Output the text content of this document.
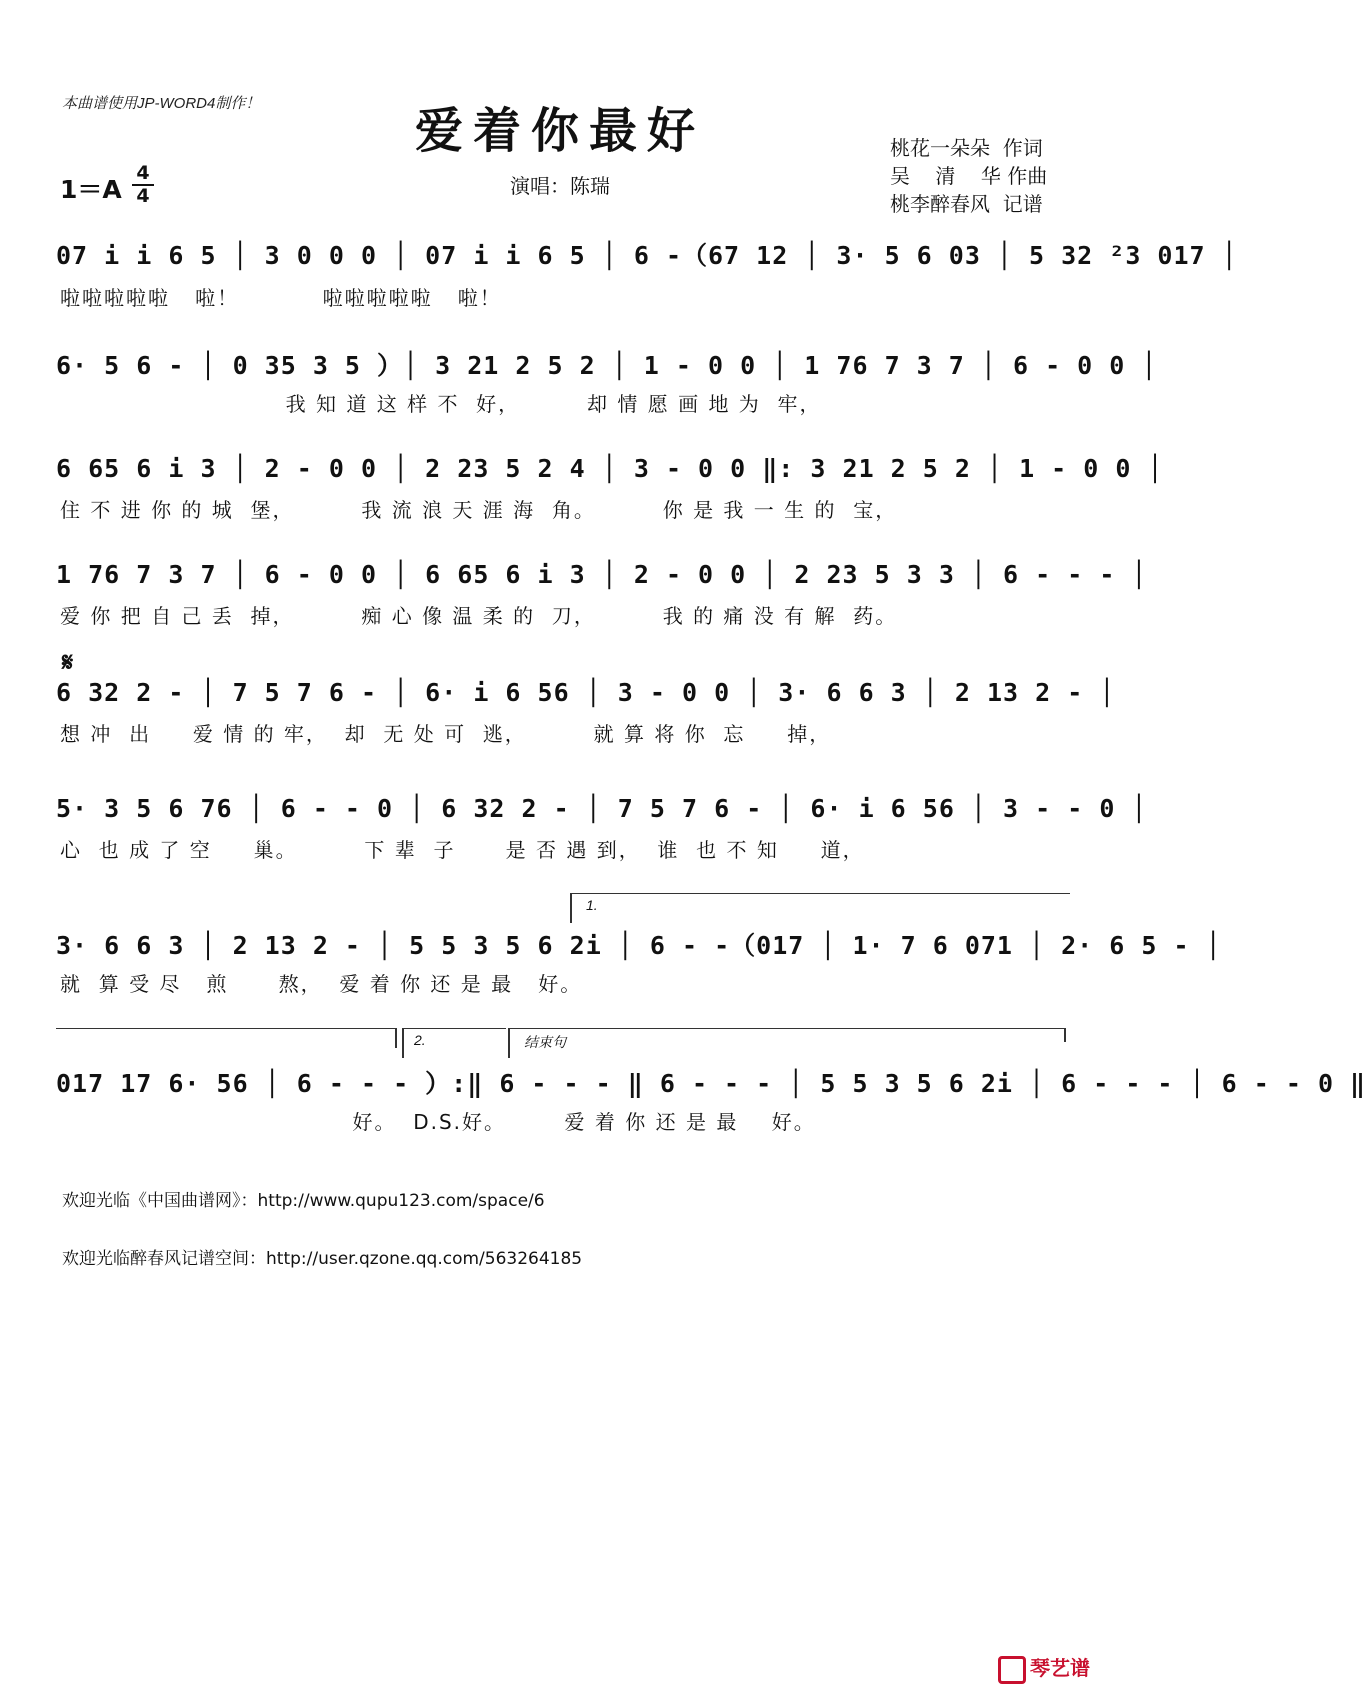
本曲谱使用JP-WORD4制作！	爱着你最好
1＝A
4
4	演唱：陈瑞
桃花一朵朵  作词
吴    清    华 作曲
桃李醉春风  记谱
07 i i 6 5 │ 3 0 0 0 │ 07 i i 6 5 │ 6 -（67 12 │ 3· 5 6 03 │ 5 32 ²3 017 │
啦啦啦啦啦   啦！          啦啦啦啦啦   啦！
6· 5 6 - │ 0 35 3 5 ）│ 3 21 2 5 2 │ 1 - 0 0 │ 1 76 7 3 7 │ 6 - 0 0 │
我 知 道 这 样 不  好，        却 情 愿 画 地 为  牢，
6 65 6 i 3 │ 2 - 0 0 │ 2 23 5 2 4 │ 3 - 0 0 ‖: 3 21 2 5 2 │ 1 - 0 0 │
住 不 进 你 的 城  堡，        我 流 浪 天 涯 海  角。        你 是 我 一 生 的  宝，
1 76 7 3 7 │ 6 - 0 0 │ 6 65 6 i 3 │ 2 - 0 0 │ 2 23 5 3 3 │ 6 - - - │
爱 你 把 自 己 丢  掉，        痴 心 像 温 柔 的  刀，        我 的 痛 没 有 解  药。
𝄋
6 32 2 - │ 7 5 7 6 - │ 6· i 6 56 │ 3 - 0 0 │ 3· 6 6 3 │ 2 13 2 - │
想 冲  出     爱 情 的 牢，  却  无 处 可  逃，        就 算 将 你  忘     掉，
5· 3 5 6 76 │ 6 - - 0 │ 6 32 2 - │ 7 5 7 6 - │ 6· i 6 56 │ 3 - - 0 │
心  也 成 了 空     巢。        下 辈  子      是 否 遇 到，  谁  也 不 知     道，
1.
3· 6 6 3 │ 2 13 2 - │ 5 5 3 5 6 2i │ 6 - -（017 │ 1· 7 6 071 │ 2· 6 5 - │
就  算 受 尽   煎      熬，  爱 着 你 还 是 最   好。
2.	结束句
017 17 6· 56 │ 6 - - - ）:‖ 6 - - - ‖ 6 - - - │ 5 5 3 5 6 2i │ 6 - - - │ 6 - - 0 ‖
好。  D.S.好。       爱 着 你 还 是 最    好。
欢迎光临《中国曲谱网》：http://www.qupu123.com/space/6
欢迎光临醉春风记谱空间：http://user.qzone.qq.com/563264185

琴艺谱
